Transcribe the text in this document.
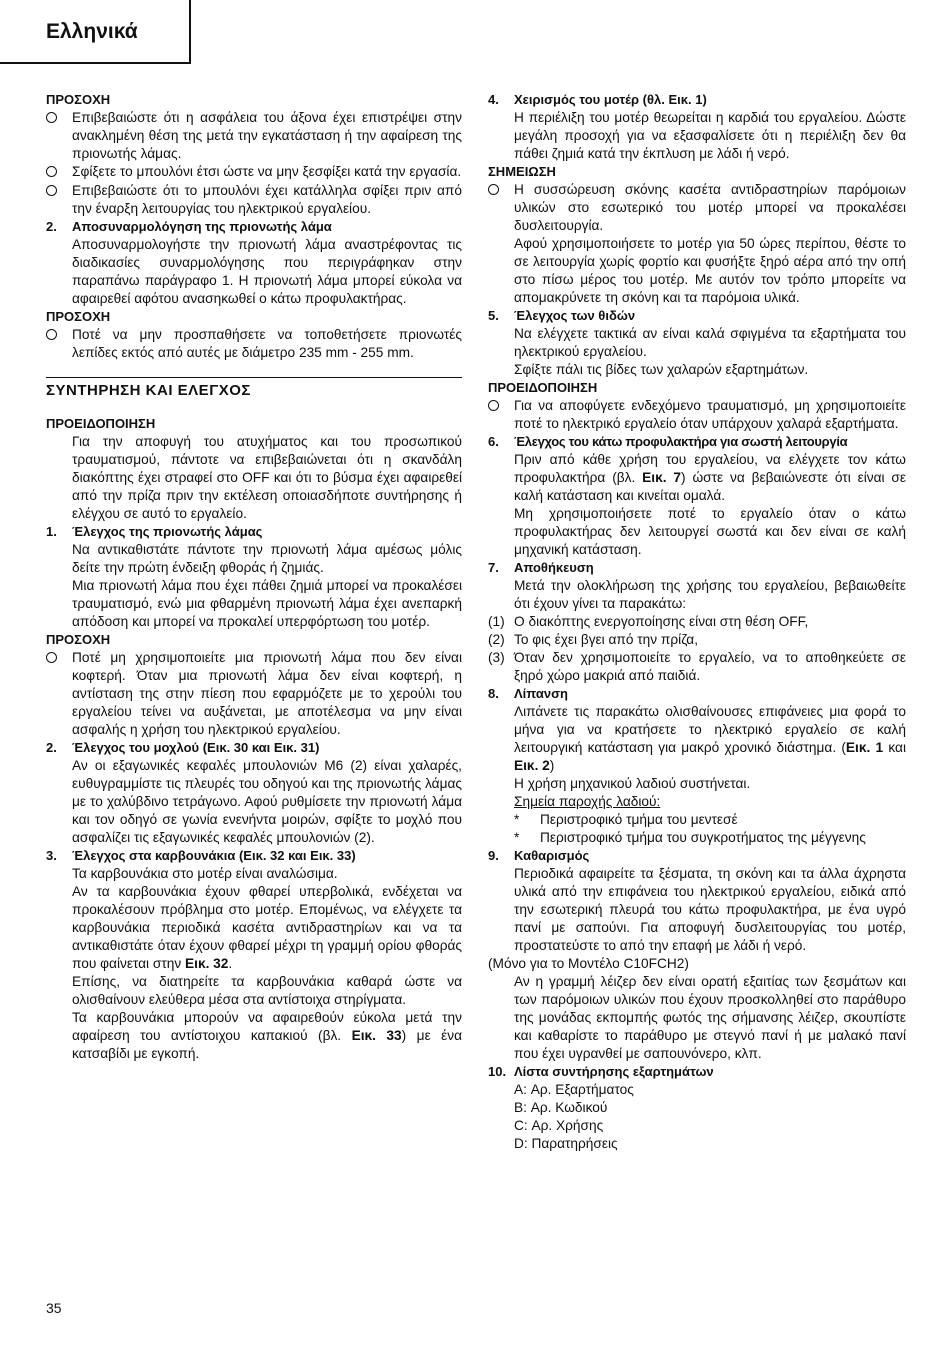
Ελληνικά
ΠΡΟΣΟΧΗ
Επιβεβαιώστε ότι η ασφάλεια του άξονα έχει επιστρέψει στην ανακλημένη θέση της μετά την εγκατάσταση ή την αφαίρεση της πριονωτής λάμας.
Σφίξετε το μπουλόνι έτσι ώστε να μην ξεσφίξει κατά την εργασία.
Επιβεβαιώστε ότι το μπουλόνι έχει κατάλληλα σφίξει πριν από την έναρξη λειτουργίας του ηλεκτρικού εργαλείου.
2.	Αποσυναρμολόγηση της πριονωτής λάμα
Αποσυναρμολογήστε την πριονωτή λάμα αναστρέφοντας τις διαδικασίες συναρμολόγησης που περιγράφηκαν στην παραπάνω παράγραφο 1. Η πριονωτή λάμα μπορεί εύκολα να αφαιρεθεί αφότου ανασηκωθεί ο κάτω προφυλακτήρας.
ΠΡΟΣΟΧΗ
Ποτέ να μην προσπαθήσετε να τοποθετήσετε πριονωτές λεπίδες εκτός από αυτές με διάμετρο 235 mm - 255 mm.
ΣΥΝΤΗΡΗΣΗ ΚΑΙ ΕΛΕΓΧΟΣ
ΠΡΟΕΙΔΟΠΟΙΗΣΗ
Για την αποφυγή του ατυχήματος και του προσωπικού τραυματισμού, πάντοτε να επιβεβαιώνεται ότι η σκανδάλη διακόπτης έχει στραφεί στο OFF και ότι το βύσμα έχει αφαιρεθεί από την πρίζα πριν την εκτέλεση οποιασδήποτε συντήρησης ή ελέγχου σε αυτό το εργαλείο.
1.	Έλεγχος της πριονωτής λάμας
Να αντικαθιστάτε πάντοτε την πριονωτή λάμα αμέσως μόλις δείτε την πρώτη ένδειξη φθοράς ή ζημιάς.
Μια πριονωτή λάμα που έχει πάθει ζημιά μπορεί να προκαλέσει τραυματισμό, ενώ μια φθαρμένη πριονωτή λάμα έχει ανεπαρκή απόδοση και μπορεί να προκαλεί υπερφόρτωση του μοτέρ.
ΠΡΟΣΟΧΗ
Ποτέ μη χρησιμοποιείτε μια πριονωτή λάμα που δεν είναι κοφτερή. Όταν μια πριονωτή λάμα δεν είναι κοφτερή, η αντίσταση της στην πίεση που εφαρμόζετε με το χερούλι του εργαλείου τείνει να αυξάνεται, με αποτέλεσμα να μην είναι ασφαλής η χρήση του ηλεκτρικού εργαλείου.
2.	Έλεγχος του μοχλού (Εικ. 30 και Εικ. 31)
Αν οι εξαγωνικές κεφαλές μπουλονιών Μ6 (2) είναι χαλαρές, ευθυγραμμίστε τις πλευρές του οδηγού και της πριονωτής λάμας με το χαλύβδινο τετράγωνο. Αφού ρυθμίσετε την πριονωτή λάμα και τον οδηγό σε γωνία ενενήντα μοιρών, σφίξτε το μοχλό που ασφαλίζει τις εξαγωνικές κεφαλές μπουλονιών (2).
3.	Έλεγχος στα καρβουνάκια (Εικ. 32 και Εικ. 33)
Τα καρβουνάκια στο μοτέρ είναι αναλώσιμα.
Αν τα καρβουνάκια έχουν φθαρεί υπερβολικά, ενδέχεται να προκαλέσουν πρόβλημα στο μοτέρ. Επομένως, να ελέγχετε τα καρβουνάκια περιοδικά κασέτα αντιδραστηρίων και να τα αντικαθιστάτε όταν έχουν φθαρεί μέχρι τη γραμμή ορίου φθοράς που φαίνεται στην Εικ. 32.
Επίσης, να διατηρείτε τα καρβουνάκια καθαρά ώστε να ολισθαίνουν ελεύθερα μέσα στα αντίστοιχα στηρίγματα.
Τα καρβουνάκια μπορούν να αφαιρεθούν εύκολα μετά την αφαίρεση του αντίστοιχου καπακιού (βλ. Εικ. 33) με ένα κατσαβίδι με εγκοπή.
4.	Χειρισμός του μοτέρ (θλ. Εικ. 1)
Η περιέλιξη του μοτέρ θεωρείται η καρδιά του εργαλείου. Δώστε μεγάλη προσοχή για να εξασφαλίσετε ότι η περιέλιξη δεν θα πάθει ζημιά κατά την έκπλυση με λάδι ή νερό.
ΣΗΜΕΙΩΣΗ
Η συσσώρευση σκόνης κασέτα αντιδραστηρίων παρόμοιων υλικών στο εσωτερικό του μοτέρ μπορεί να προκαλέσει δυσλειτουργία.
Αφού χρησιμοποιήσετε το μοτέρ για 50 ώρες περίπου, θέστε το σε λειτουργία χωρίς φορτίο και φυσήξτε ξηρό αέρα από την οπή στο πίσω μέρος του μοτέρ. Με αυτόν τον τρόπο μπορείτε να απομακρύνετε τη σκόνη και τα παρόμοια υλικά.
5.	Έλεγχος των θιδών
Να ελέγχετε τακτικά αν είναι καλά σφιγμένα τα εξαρτήματα του ηλεκτρικού εργαλείου.
Σφίξτε πάλι τις βίδες των χαλαρών εξαρτημάτων.
ΠΡΟΕΙΔΟΠΟΙΗΣΗ
Για να αποφύγετε ενδεχόμενο τραυματισμό, μη χρησιμοποιείτε ποτέ το ηλεκτρικό εργαλείο όταν υπάρχουν χαλαρά εξαρτήματα.
6.	Έλεγχος του κάτω προφυλακτήρα για σωστή λειτουργία
Πριν από κάθε χρήση του εργαλείου, να ελέγχετε τον κάτω προφυλακτήρα (βλ. Εικ. 7) ώστε να βεβαιώνεστε ότι είναι σε καλή κατάσταση και κινείται ομαλά.
Μη χρησιμοποιήσετε ποτέ το εργαλείο όταν ο κάτω προφυλακτήρας δεν λειτουργεί σωστά και δεν είναι σε καλή μηχανική κατάσταση.
7.	Αποθήκευση
Μετά την ολοκλήρωση της χρήσης του εργαλείου, βεβαιωθείτε ότι έχουν γίνει τα παρακάτω:
(1) Ο διακόπτης ενεργοποίησης είναι στη θέση OFF,
(2) Το φις έχει βγει από την πρίζα,
(3) Όταν δεν χρησιμοποιείτε το εργαλείο, να το αποθηκεύετε σε ξηρό χώρο μακριά από παιδιά.
8.	Λίπανση
Λιπάνετε τις παρακάτω ολισθαίνουσες επιφάνειες μια φορά το μήνα για να κρατήσετε το ηλεκτρικό εργαλείο σε καλή λειτουργική κατάσταση για μακρό χρονικό διάστημα. (Εικ. 1 και Εικ. 2)
Η χρήση μηχανικού λαδιού συστήνεται.
Σημεία παροχής λαδιού:
*	Περιστροφικό τμήμα του μεντεσέ
*	Περιστροφικό τμήμα του συγκροτήματος της μέγγενης
9.	Καθαρισμός
Περιοδικά αφαιρείτε τα ξέσματα, τη σκόνη και τα άλλα άχρηστα υλικά από την επιφάνεια του ηλεκτρικού εργαλείου, ειδικά από την εσωτερική πλευρά του κάτω προφυλακτήρα, με ένα υγρό πανί με σαπούνι. Για αποφυγή δυσλειτουργίας του μοτέρ, προστατεύστε το από την επαφή με λάδι ή νερό.
(Μόνο για το Μοντέλο C10FCH2)
Αν η γραμμή λέιζερ δεν είναι ορατή εξαιτίας των ξεσμάτων και των παρόμοιων υλικών που έχουν προσκολληθεί στο παράθυρο της μονάδας εκπομπής φωτός της σήμανσης λέιζερ, σκουπίστε και καθαρίστε το παράθυρο με στεγνό πανί ή με μαλακό πανί που έχει υγρανθεί με σαπουνόνερο, κλπ.
10. Λίστα συντήρησης εξαρτημάτων
A: Αρ. Εξαρτήματος
B: Αρ. Κωδικού
C: Αρ. Χρήσης
D: Παρατηρήσεις
35
